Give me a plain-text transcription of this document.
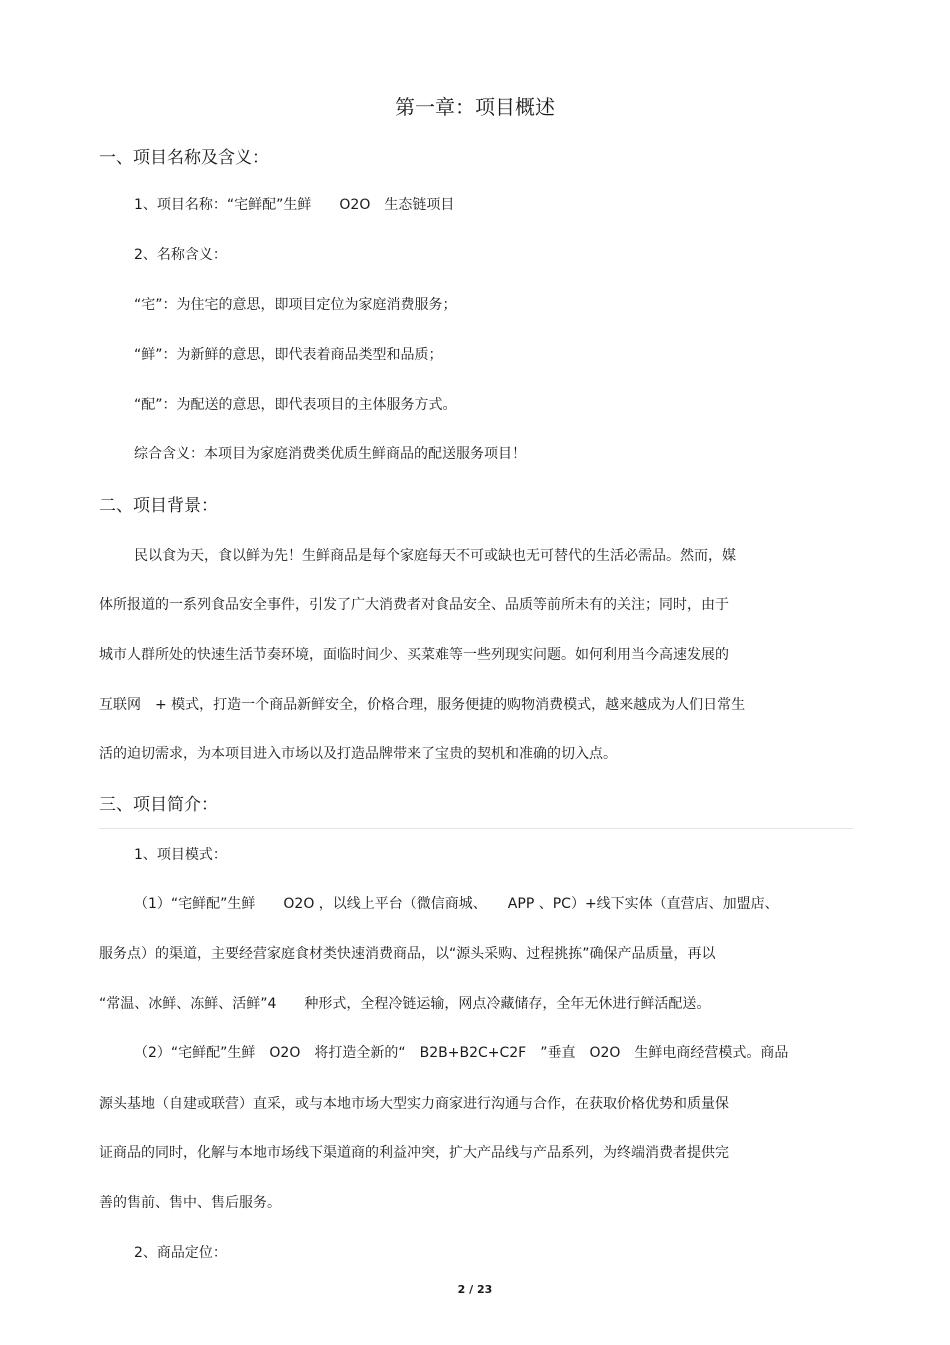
第一章：项目概述
一、项目名称及含义：
1、项目名称：“宅鲜配”生鲜　　O2O　生态链项目
2、名称含义：
“宅”：为住宅的意思，即项目定位为家庭消费服务；
“鲜”：为新鲜的意思，即代表着商品类型和品质；
“配”：为配送的意思，即代表项目的主体服务方式。
综合含义：本项目为家庭消费类优质生鲜商品的配送服务项目！
二、项目背景：
民以食为天，食以鲜为先！生鲜商品是每个家庭每天不可或缺也无可替代的生活必需品。然而，媒
体所报道的一系列食品安全事件，引发了广大消费者对食品安全、品质等前所未有的关注；同时，由于
城市人群所处的快速生活节奏环境，面临时间少、买菜难等一些列现实问题。如何利用当今高速发展的
互联网　+ 模式，打造一个商品新鲜安全，价格合理，服务便捷的购物消费模式，越来越成为人们日常生
活的迫切需求，为本项目进入市场以及打造品牌带来了宝贵的契机和准确的切入点。
三、项目简介：
1、项目模式：
（1）“宅鲜配”生鲜　　O2O ，以线上平台（微信商城、　　APP 、PC）+线下实体（直营店、加盟店、
服务点）的渠道，主要经营家庭食材类快速消费商品，以“源头采购、过程挑拣”确保产品质量，再以
“常温、冰鲜、冻鲜、活鲜”4　　种形式，全程冷链运输，网点冷藏储存，全年无休进行鲜活配送。
（2）“宅鲜配”生鲜　O2O　将打造全新的“　B2B+B2C+C2F　”垂直　O2O　生鲜电商经营模式。商品
源头基地（自建或联营）直采，或与本地市场大型实力商家进行沟通与合作，在获取价格优势和质量保
证商品的同时，化解与本地市场线下渠道商的利益冲突，扩大产品线与产品系列，为终端消费者提供完
善的售前、售中、售后服务。
2、商品定位：
2 / 23
